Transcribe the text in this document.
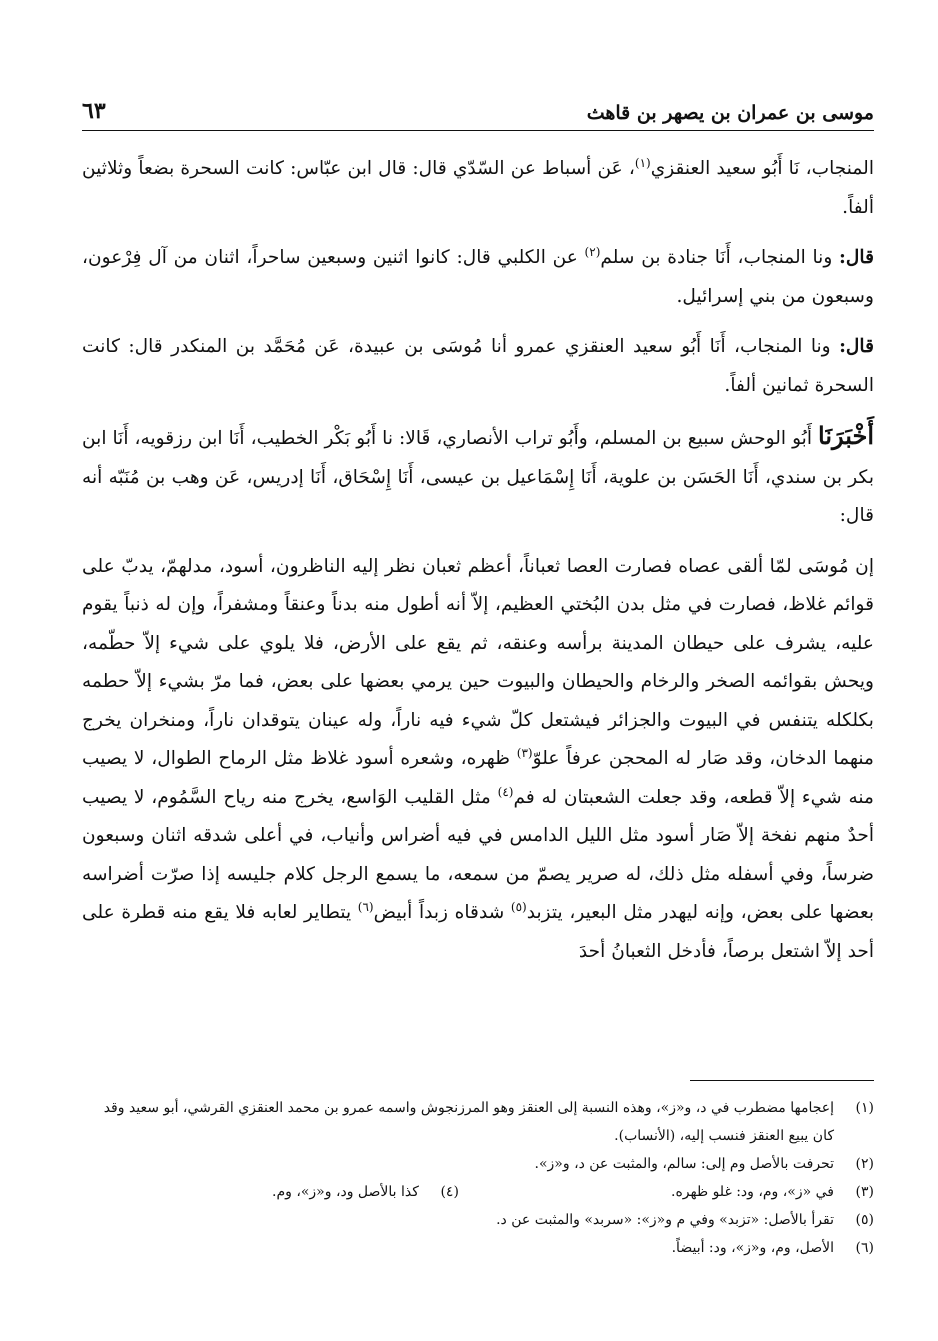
موسى بن عمران بن يصهر بن قاهث
٦٣

المنجاب، نَا أَبُو سعيد العنقزي$^{(١)}$، عَن أسباط عن السّدّي قال: قال ابن عبّاس: كانت السحرة بضعاً وثلاثين ألفاً.

قال: ونا المنجاب، أَنَا جنادة بن سلم$^{(٢)}$ عن الكلبي قال: كانوا اثنين وسبعين ساحراً، اثنان من آل فِرْعون، وسبعون من بني إسرائيل.

قال: ونا المنجاب، أَنَا أَبُو سعيد العنقزي عمرو أنا مُوسَى بن عبيدة، عَن مُحَمَّد بن المنكدر قال: كانت السحرة ثمانين ألفاً.

أَخْبَرَنَا أَبُو الوحش سبيع بن المسلم، وأَبُو تراب الأنصاري، قَالا: نا أَبُو بَكْر الخطيب، أَنَا ابن رزقويه، أَنَا ابن بكر بن سندي، أَنَا الحَسَن بن علوية، أَنَا إِسْمَاعيل بن عيسى، أَنَا إِسْحَاق، أَنَا إدريس، عَن وهب بن مُنَبّه أنه قال:

إن مُوسَى لمّا ألقى عصاه فصارت العصا ثعباناً، أعظم ثعبان نظر إليه الناظرون، أسود، مدلهمّ، يدبّ على قوائم غلاظ، فصارت في مثل بدن البُختي العظيم، إلاّ أنه أطول منه بدناً وعنقاً ومشفراً، وإن له ذنباً يقوم عليه، يشرف على حيطان المدينة برأسه وعنقه، ثم يقع على الأرض، فلا يلوي على شيء إلاّ حطّمه، ويحش بقوائمه الصخر والرخام والحيطان والبيوت حين يرمي بعضها على بعض، فما مرّ بشيء إلاّ حطمه بكلكله يتنفس في البيوت والجزائر فيشتعل كلّ شيء فيه ناراً، وله عينان يتوقدان ناراً، ومنخران يخرج منهما الدخان، وقد صَار له المحجن عرفاً علوّ$^{(٣)}$ ظهره، وشعره أسود غلاظ مثل الرماح الطوال، لا يصيب منه شيء إلاّ قطعه، وقد جعلت الشعبتان له فم$^{(٤)}$ مثل القليب الوَاسع، يخرج منه رياح السَّمُوم، لا يصيب أحدٌ منهم نفخة إلاّ صَار أسود مثل الليل الدامس في فيه أضراس وأنياب، في أعلى شدقه اثنان وسبعون ضرساً، وفي أسفله مثل ذلك، له صرير يصمّ من سمعه، ما يسمع الرجل كلام جليسه إذا صرّت أضراسه بعضها على بعض، وإنه ليهدر مثل البعير، يتزبد$^{(٥)}$ شدقاه زبداً أبيض$^{(٦)}$ يتطاير لعابه فلا يقع منه قطرة على أحد إلاّ اشتعل برصاً، فأدخل الثعبانُ أحدَ

(١)
إعجامها مضطرب في د، و«ز»، وهذه النسبة إلى العنقز وهو المرزنجوش واسمه عمرو بن محمد العنقزي القرشي، أبو سعيد وقد كان يبيع العنقز فنسب إليه، (الأنساب).
(٢)
تحرفت بالأصل وم إلى: سالم، والمثبت عن د، و«ز».
(٣)
في «ز»، وم، ود: غلو ظهره.
(٤)
كذا بالأصل ود، و«ز»، وم.
(٥)
تقرأ بالأصل: «تزبد» وفي م و«ز»: «سربد» والمثبت عن د.
(٦)
الأصل، وم، و«ز»، ود: أبيضاً.
